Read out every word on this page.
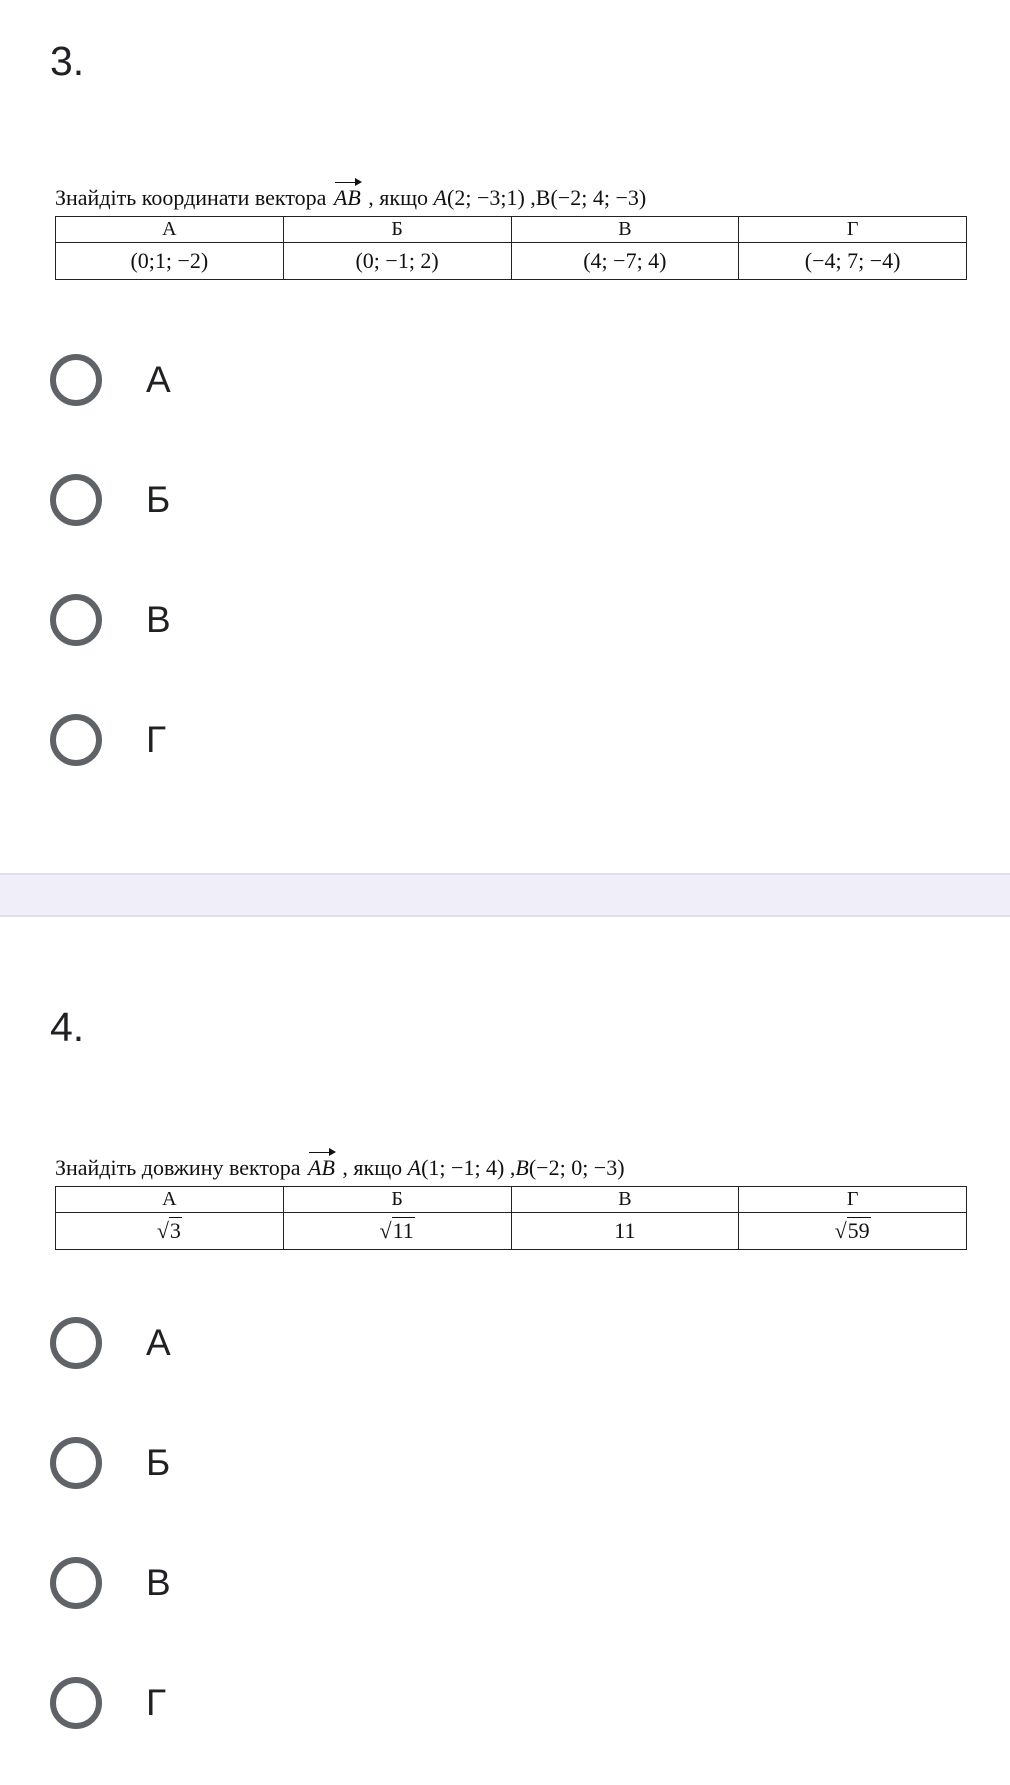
3.
Знайдіть координати вектора AB , якщо A(2; −3;1) ,B(−2; 4; −3)
А	Б	В	Г
(0;1; −2)	(0; −1; 2)	(4; −7; 4)	(−4; 7; −4)
А
Б
В
Г
4.
Знайдіть довжину вектора AB , якщо A(1; −1; 4) ,B(−2; 0; −3)
А	Б	В	Г
√3	√11	11	√59
А
Б
В
Г
